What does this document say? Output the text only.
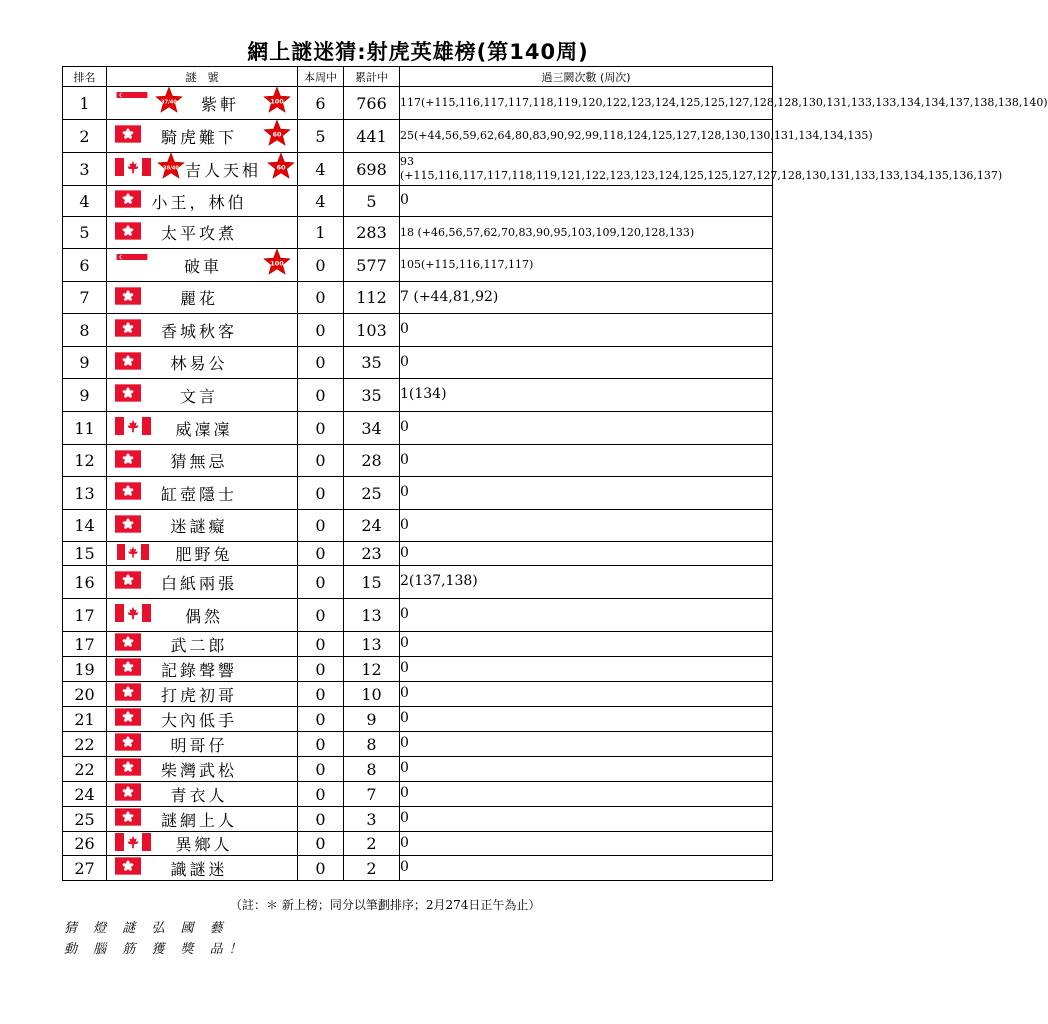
網上謎迷猜:射虎英雄榜(第140周)
排名	謎　號	本周中	累計中	過三闕次數 (周次)
1	37/40 紫軒 100	6	766	117(+115,116,117,117,118,119,120,122,123,124,125,125,127,128,128,130,131,133,133,134,134,137,138,138,140)
2	騎虎難下 60	5	441	25(+44,56,59,62,64,80,83,90,92,99,118,124,125,127,128,130,130,131,134,134,135)
3	38/40 吉人天相 60	4	698	93 (+115,116,117,117,118,119,121,122,123,123,124,125,125,127,127,128,130,131,133,133,134,135,136,137)
4	小王，林伯	4	5	0
5	太平攻煮	1	283	18 (+46,56,57,62,70,83,90,95,103,109,120,128,133)
6	破車 100	0	577	105(+115,116,117,117)
7	麗花	0	112	7 (+44,81,92)
8	香城秋客	0	103	0
9	林易公	0	35	0
9	文言	0	35	1(134)
11	威凜凜	0	34	0
12	猜無忌	0	28	0
13	缸壺隱士	0	25	0
14	迷謎癡	0	24	0
15	肥野兔	0	23	0
16	白紙兩張	0	15	2(137,138)
17	偶然	0	13	0
17	武二郎	0	13	0
19	記錄聲響	0	12	0
20	打虎初哥	0	10	0
21	大內低手	0	9	0
22	明哥仔	0	8	0
22	柴灣武松	0	8	0
24	青衣人	0	7	0
25	謎網上人	0	3	0
26	異鄉人	0	2	0
27	識謎迷	0	2	0
（註：＊ 新上榜；同分以筆劃排序；2月274日正午為止）
猜 燈 謎 弘 國 藝
動 腦 筋 獲 獎 品！
